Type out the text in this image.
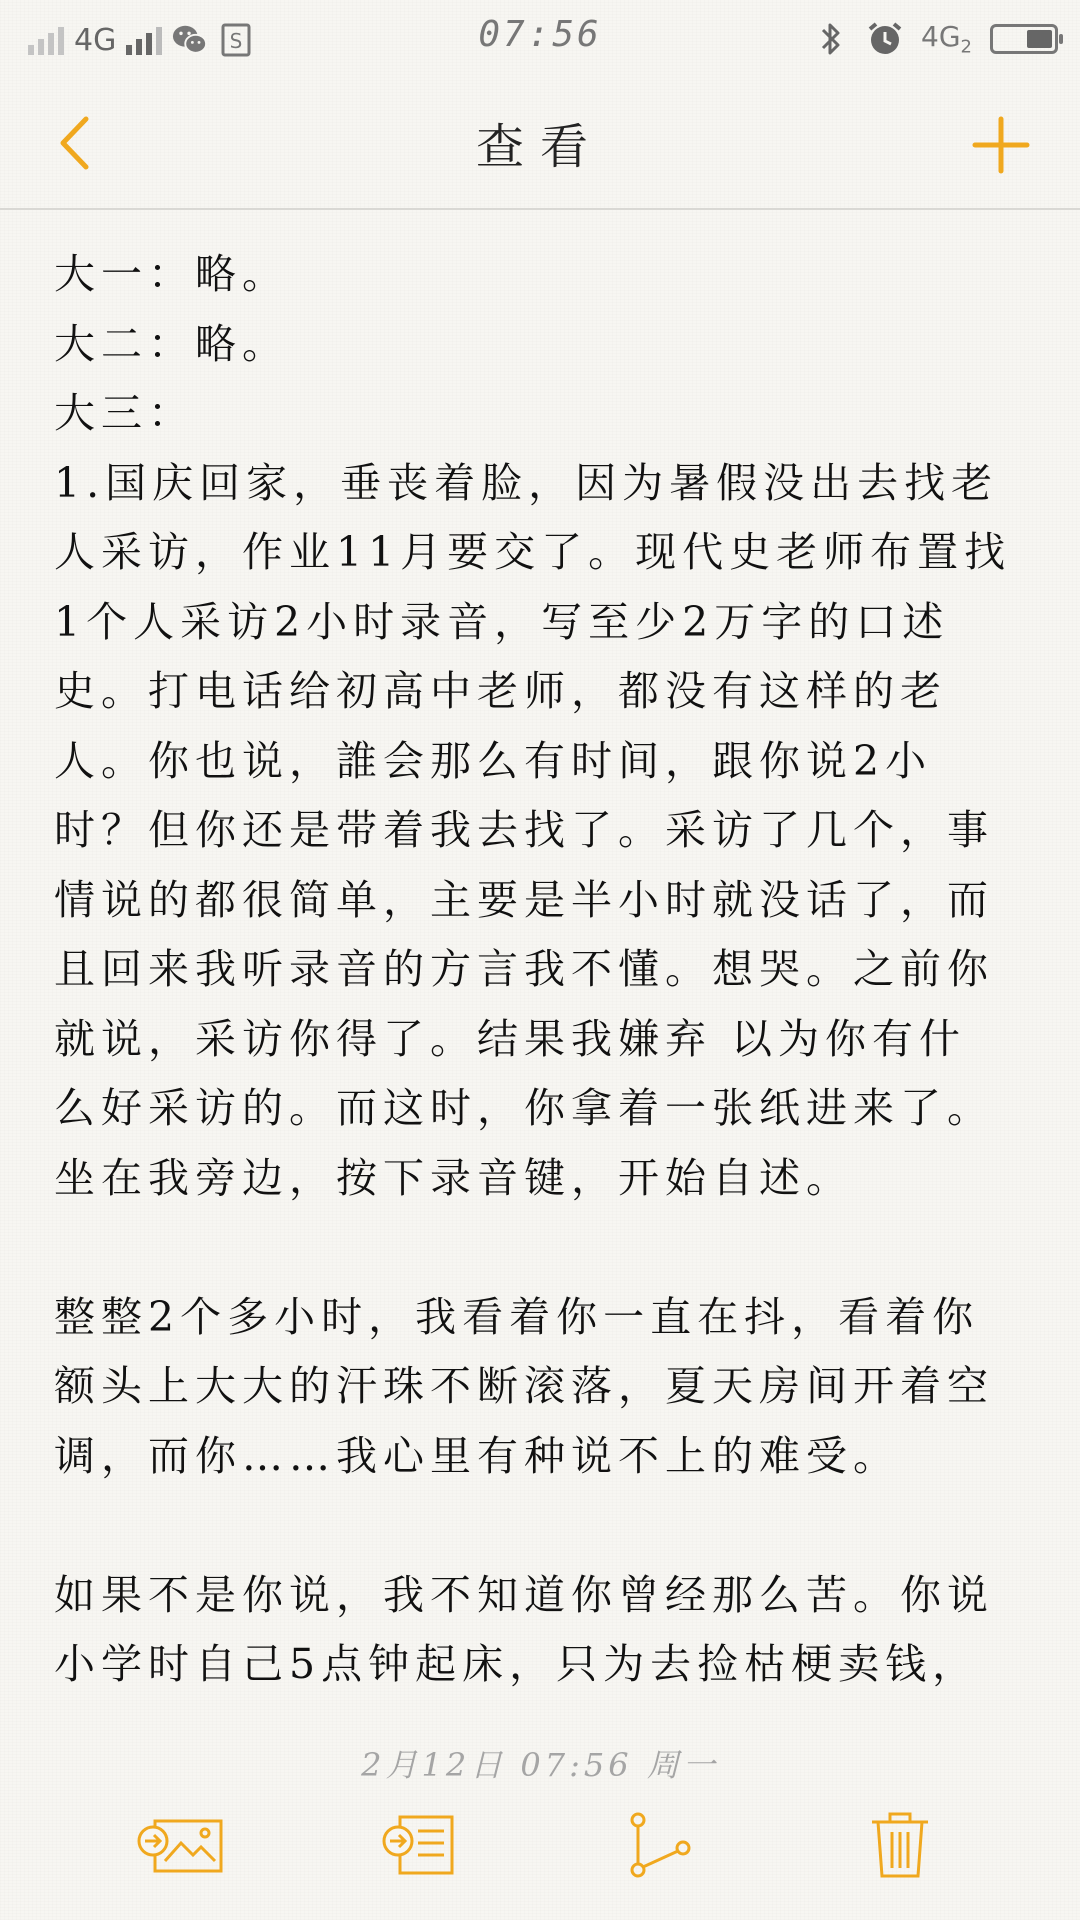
4G	S	07:56	$4G_2$
查看
大一：略。
大二：略。
大三：
1.国庆回家，垂丧着脸，因为暑假没出去找老
人采访，作业11月要交了。现代史老师布置找
1个人采访2小时录音，写至少2万字的口述
史。打电话给初高中老师，都没有这样的老
人。你也说，誰会那么有时间，跟你说2小
时？但你还是带着我去找了。采访了几个，事
情说的都很简单，主要是半小时就没话了，而
且回来我听录音的方言我不懂。想哭。之前你
就说，采访你得了。结果我嫌弃 以为你有什
么好采访的。而这时，你拿着一张纸进来了。
坐在我旁边，按下录音键，开始自述。
整整2个多小时，我看着你一直在抖，看着你
额头上大大的汗珠不断滚落，夏天房间开着空
调，而你……我心里有种说不上的难受。
如果不是你说，我不知道你曾经那么苦。你说
小学时自己5点钟起床，只为去捡枯梗卖钱，
2月12日 07:56 周一
